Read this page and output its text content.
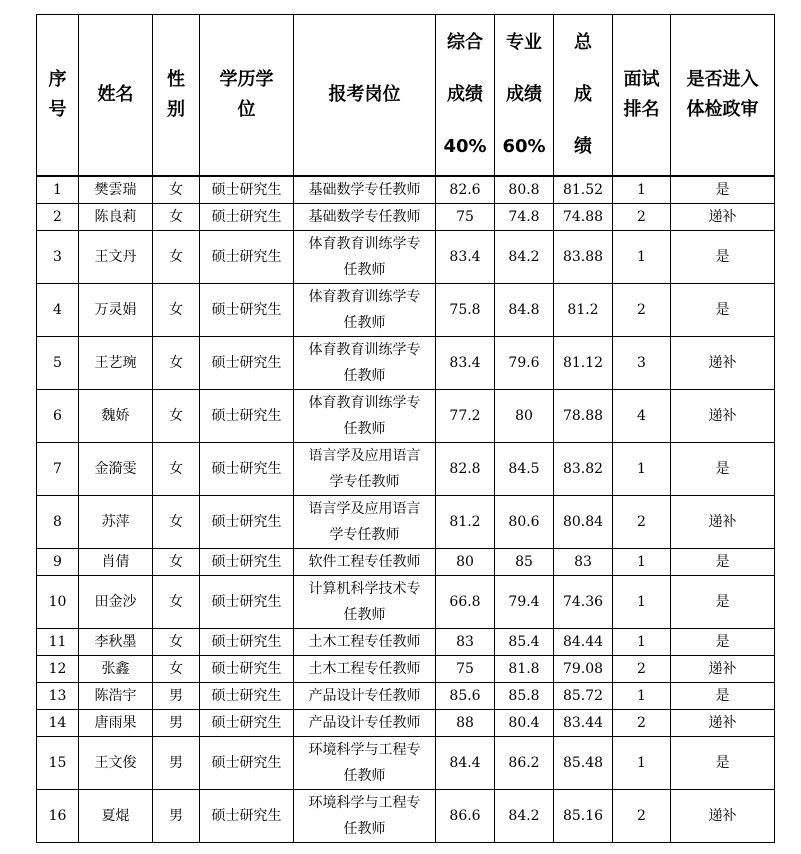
序
号	姓名	性
别	学历学
位	报考岗位	综合
成绩
40%	专业
成绩
60%	总
成
绩	面试
排名	是否进入
体检政审
1	樊雲瑞	女	硕士研究生	基础数学专任教师	82.6	80.8	81.52	1	是
2	陈良莉	女	硕士研究生	基础数学专任教师	75	74.8	74.88	2	递补
3	王文丹	女	硕士研究生	体育教育训练学专
任教师	83.4	84.2	83.88	1	是
4	万灵娟	女	硕士研究生	体育教育训练学专
任教师	75.8	84.8	81.2	2	是
5	王艺琬	女	硕士研究生	体育教育训练学专
任教师	83.4	79.6	81.12	3	递补
6	魏娇	女	硕士研究生	体育教育训练学专
任教师	77.2	80	78.88	4	递补
7	金漪雯	女	硕士研究生	语言学及应用语言
学专任教师	82.8	84.5	83.82	1	是
8	苏萍	女	硕士研究生	语言学及应用语言
学专任教师	81.2	80.6	80.84	2	递补
9	肖倩	女	硕士研究生	软件工程专任教师	80	85	83	1	是
10	田金沙	女	硕士研究生	计算机科学技术专
任教师	66.8	79.4	74.36	1	是
11	李秋墨	女	硕士研究生	土木工程专任教师	83	85.4	84.44	1	是
12	张鑫	女	硕士研究生	土木工程专任教师	75	81.8	79.08	2	递补
13	陈浩宇	男	硕士研究生	产品设计专任教师	85.6	85.8	85.72	1	是
14	唐雨果	男	硕士研究生	产品设计专任教师	88	80.4	83.44	2	递补
15	王文俊	男	硕士研究生	环境科学与工程专
任教师	84.4	86.2	85.48	1	是
16	夏焜	男	硕士研究生	环境科学与工程专
任教师	86.6	84.2	85.16	2	递补
